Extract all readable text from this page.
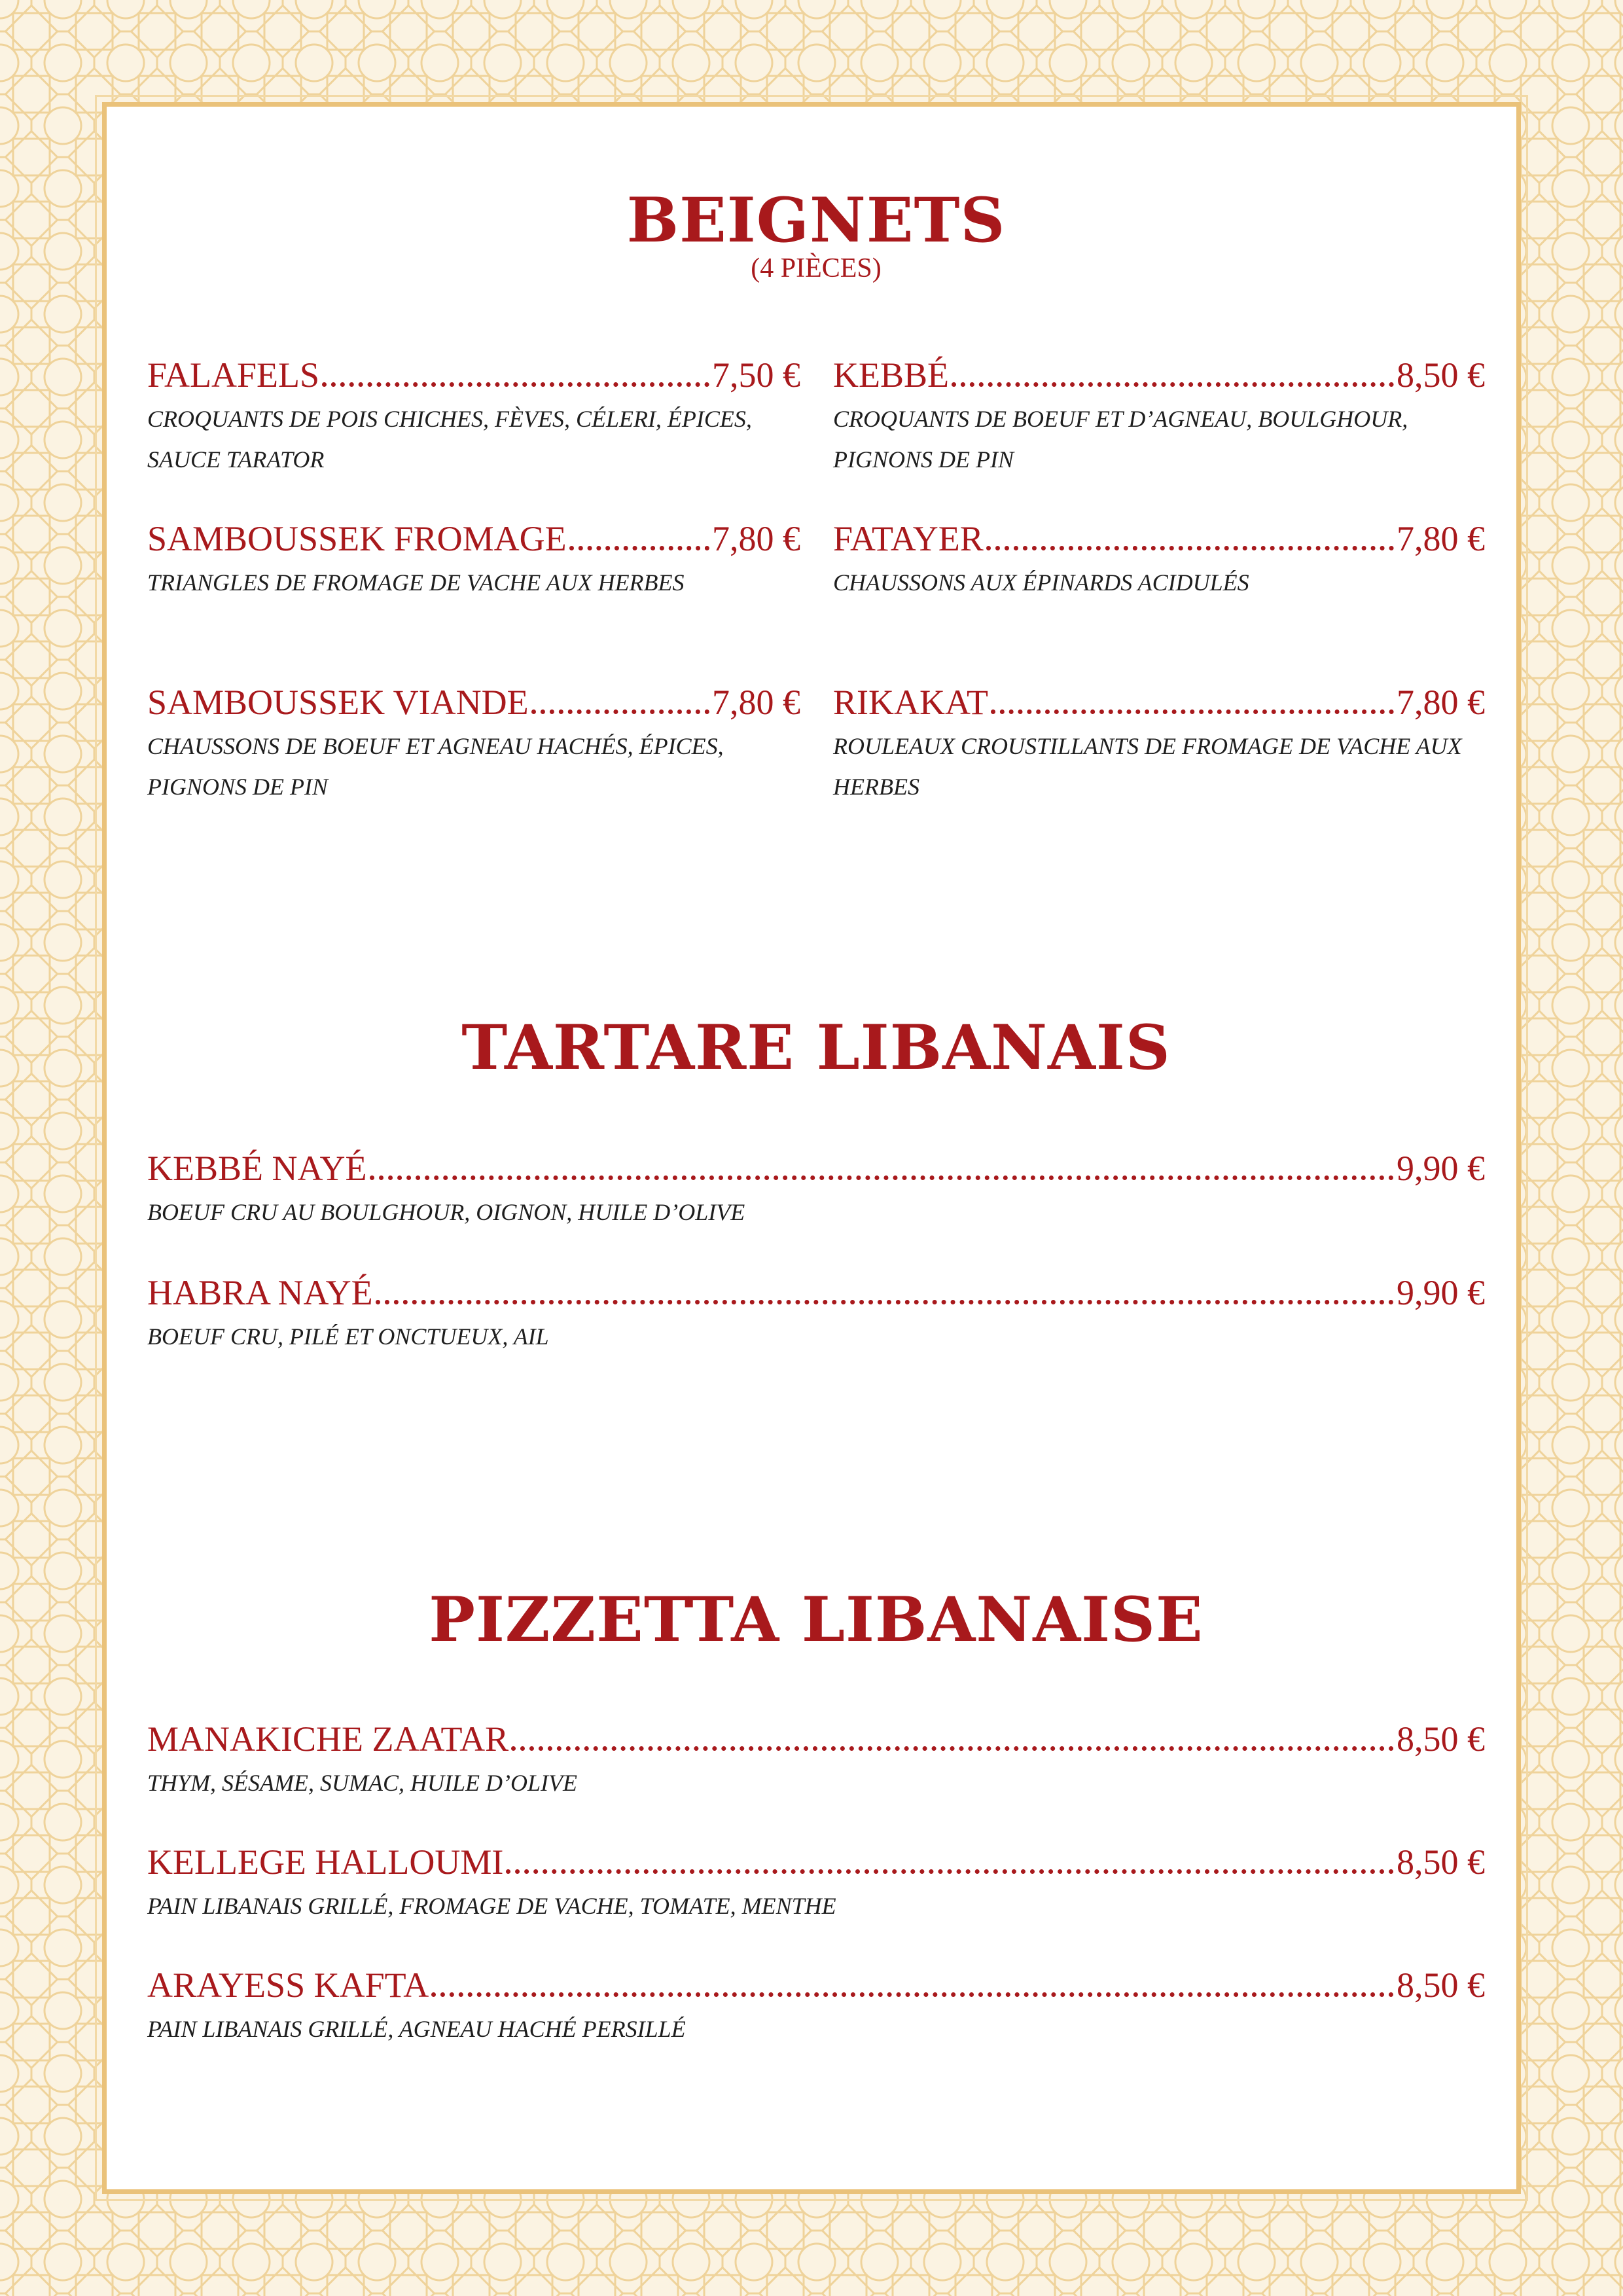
BEIGNETS
(4 PIÈCES)
FALAFELS	7,50 €
CROQUANTS DE POIS CHICHES, FÈVES, CÉLERI, ÉPICES, SAUCE TARATOR
KEBBÉ	8,50 €
CROQUANTS DE BOEUF ET D’AGNEAU, BOULGHOUR, PIGNONS DE PIN
SAMBOUSSEK FROMAGE	7,80 €
TRIANGLES DE FROMAGE DE VACHE AUX HERBES
FATAYER	7,80 €
CHAUSSONS AUX ÉPINARDS ACIDULÉS
SAMBOUSSEK VIANDE	7,80 €
CHAUSSONS DE BOEUF ET AGNEAU HACHÉS, ÉPICES, PIGNONS DE PIN
RIKAKAT	7,80 €
ROULEAUX CROUSTILLANTS DE FROMAGE DE VACHE AUX HERBES
TARTARE LIBANAIS
KEBBÉ NAYÉ	9,90 €
BOEUF CRU AU BOULGHOUR, OIGNON, HUILE D’OLIVE
HABRA NAYÉ	9,90 €
BOEUF CRU, PILÉ ET ONCTUEUX, AIL
PIZZETTA LIBANAISE
MANAKICHE ZAATAR	8,50 €
THYM, SÉSAME, SUMAC, HUILE D’OLIVE
KELLEGE HALLOUMI	8,50 €
PAIN LIBANAIS GRILLÉ, FROMAGE DE VACHE, TOMATE, MENTHE
ARAYESS KAFTA	8,50 €
PAIN LIBANAIS GRILLÉ, AGNEAU HACHÉ PERSILLÉ
